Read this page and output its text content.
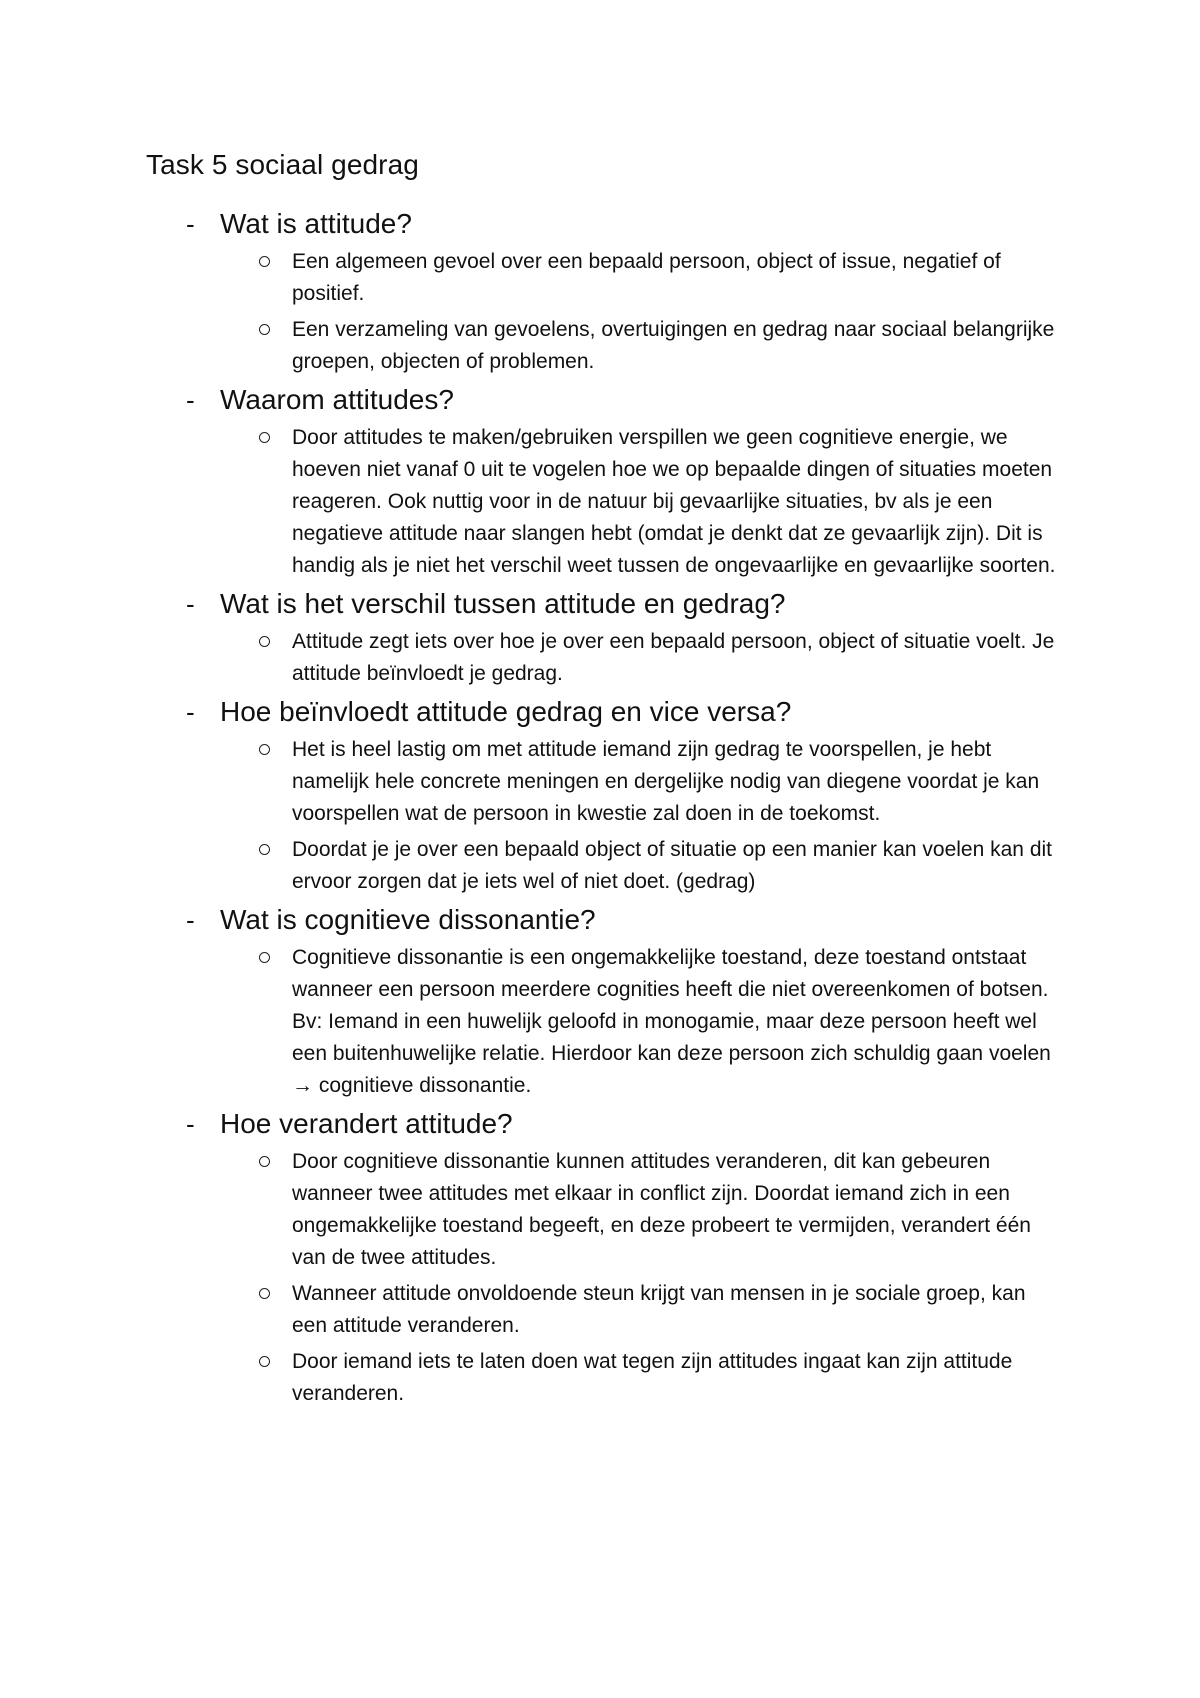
Task 5 sociaal gedrag
- Wat is attitude?
Een algemeen gevoel over een bepaald persoon, object of issue, negatief of positief.
Een verzameling van gevoelens, overtuigingen en gedrag naar sociaal belangrijke groepen, objecten of problemen.
- Waarom attitudes?
Door attitudes te maken/gebruiken verspillen we geen cognitieve energie, we hoeven niet vanaf 0 uit te vogelen hoe we op bepaalde dingen of situaties moeten reageren. Ook nuttig voor in de natuur bij gevaarlijke situaties, bv als je een negatieve attitude naar slangen hebt (omdat je denkt dat ze gevaarlijk zijn). Dit is handig als je niet het verschil weet tussen de ongevaarlijke en gevaarlijke soorten.
- Wat is het verschil tussen attitude en gedrag?
Attitude zegt iets over hoe je over een bepaald persoon, object of situatie voelt. Je attitude beïnvloedt je gedrag.
- Hoe beïnvloedt attitude gedrag en vice versa?
Het is heel lastig om met attitude iemand zijn gedrag te voorspellen, je hebt namelijk hele concrete meningen en dergelijke nodig van diegene voordat je kan voorspellen wat de persoon in kwestie zal doen in de toekomst.
Doordat je je over een bepaald object of situatie op een manier kan voelen kan dit ervoor zorgen dat je iets wel of niet doet. (gedrag)
- Wat is cognitieve dissonantie?
Cognitieve dissonantie is een ongemakkelijke toestand, deze toestand ontstaat wanneer een persoon meerdere cognities heeft die niet overeenkomen of botsen. Bv: Iemand in een huwelijk geloofd in monogamie, maar deze persoon heeft wel een buitenhuwelijke relatie. Hierdoor kan deze persoon zich schuldig gaan voelen → cognitieve dissonantie.
- Hoe verandert attitude?
Door cognitieve dissonantie kunnen attitudes veranderen, dit kan gebeuren wanneer twee attitudes met elkaar in conflict zijn. Doordat iemand zich in een ongemakkelijke toestand begeeft, en deze probeert te vermijden, verandert één van de twee attitudes.
Wanneer attitude onvoldoende steun krijgt van mensen in je sociale groep, kan een attitude veranderen.
Door iemand iets te laten doen wat tegen zijn attitudes ingaat kan zijn attitude veranderen.
